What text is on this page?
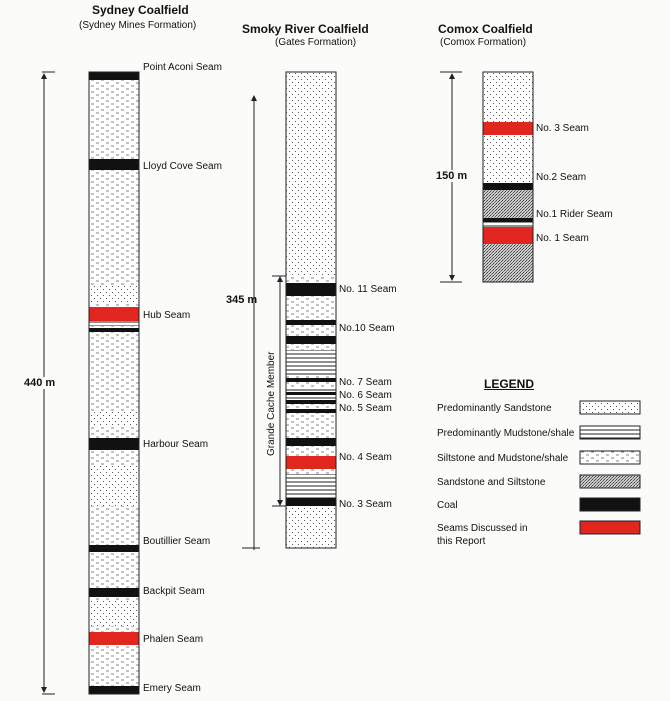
Sydney Coalfield
(Sydney Mines Formation)	Smoky River Coalfield
(Gates Formation)
Comox Coalfield
(Comox Formation)
440 m
345 m
150 m
Grande Cache Member
Point Aconi Seam
Lloyd Cove Seam
Hub Seam
Harbour Seam
Boutillier Seam
Backpit Seam
Phalen Seam
Emery Seam
No. 11 Seam
No.10 Seam
No. 7 Seam
No. 6 Seam
No. 5 Seam
No. 4 Seam
No. 3 Seam
No. 3 Seam
No.2 Seam
No.1 Rider Seam
No. 1 Seam
LEGEND
Predominantly Sandstone
Predominantly Mudstone/shale
Siltstone and Mudstone/shale
Sandstone and Siltstone
Coal
Seams Discussed in this Report
